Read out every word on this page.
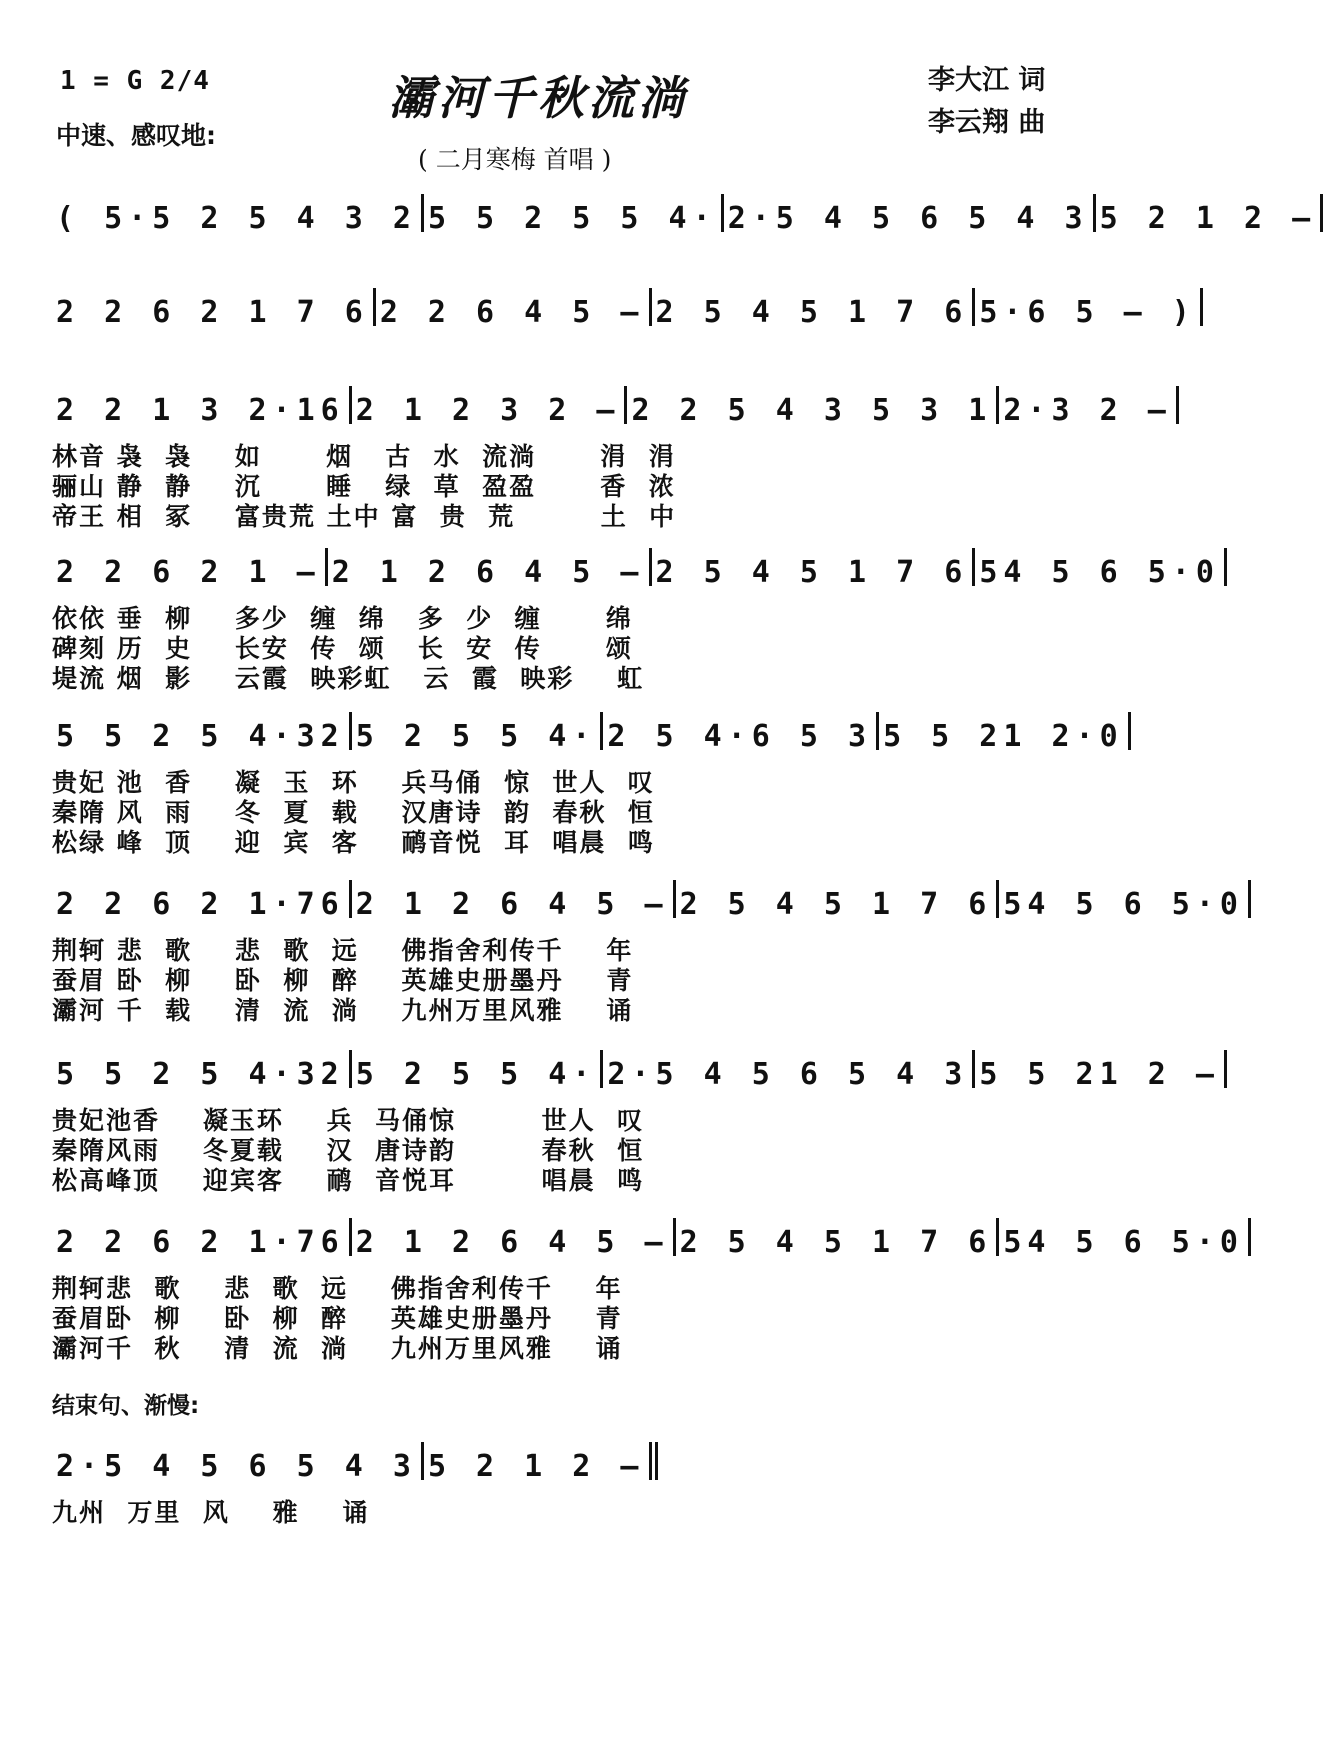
1 = G 2/4
中速、感叹地:
灞河千秋流淌
( 二月寒梅 首唱 )
李大江 词
李云翔 曲
( 5·5 2 5 4 3 2 5 5 2 5 5 4· 2·5 4 5 6 5 4 3 5 2 1 2 –
2 2 6 2 1 7 6 2 2 6 4 5 – 2 5 4 5 1 7 6 5·6 5 – )
2 2 1 3 2·16 2 1 2 3 2 – 2 2 5 4 3 5 3 1 2·3 2 –
林音 袅  袅    如      烟   古  水  流淌      涓  涓
骊山 静  静    沉      睡   绿  草  盈盈      香  浓
帝王 相  冢    富贵荒 土中 富  贵  荒        土  中
2 2 6 2 1 – 2 1 2 6 4 5 – 2 5 4 5 1 7 6 54 5 6 5·0
依依 垂  柳    多少  缠  绵   多  少  缠      绵
碑刻 历  史    长安  传  颂   长  安  传      颂
堤流 烟  影    云霞  映彩虹   云  霞  映彩    虹
5 5 2 5 4·32 5 2 5 5 4· 2 5 4·6 5 3 5 5 21 2·0
贵妃 池  香    凝  玉  环    兵马俑  惊  世人  叹
秦隋 风  雨    冬  夏  载    汉唐诗  韵  春秋  恒
松绿 峰  顶    迎  宾  客    鸸音悦  耳  唱晨  鸣
2 2 6 2 1·76 2 1 2 6 4 5 – 2 5 4 5 1 7 6 54 5 6 5·0
荆轲 悲  歌    悲  歌  远    佛指舍利传千    年
蚕眉 卧  柳    卧  柳  醉    英雄史册墨丹    青
灞河 千  载    清  流  淌    九州万里风雅    诵
5 5 2 5 4·32 5 2 5 5 4· 2·5 4 5 6 5 4 3 5 5 21 2 –
贵妃池香    凝玉环    兵  马俑惊        世人  叹
秦隋风雨    冬夏载    汉  唐诗韵        春秋  恒
松高峰顶    迎宾客    鸸  音悦耳        唱晨  鸣
2 2 6 2 1·76 2 1 2 6 4 5 – 2 5 4 5 1 7 6 54 5 6 5·0
荆轲悲  歌    悲  歌  远    佛指舍利传千    年
蚕眉卧  柳    卧  柳  醉    英雄史册墨丹    青
灞河千  秋    清  流  淌    九州万里风雅    诵
结束句、渐慢:
2·5 4 5 6 5 4 3 5 2 1 2 –
九州  万里  风    雅    诵
